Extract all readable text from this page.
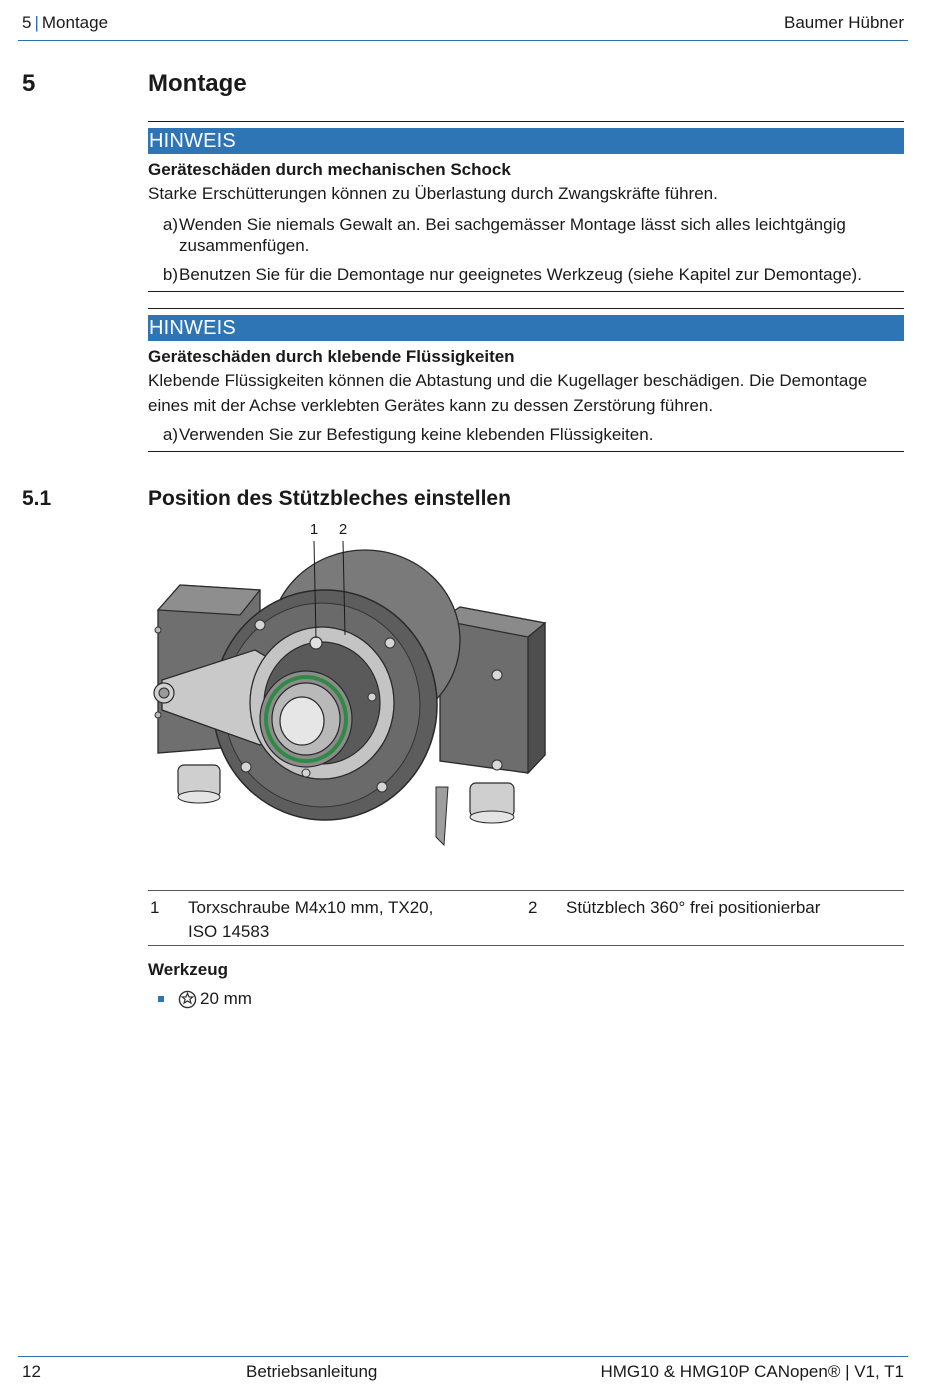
5 | Montage	Baumer Hübner
5	Montage
HINWEIS
Geräteschäden durch mechanischen Schock
Starke Erschütterungen können zu Überlastung durch Zwangskräfte führen.
a) Wenden Sie niemals Gewalt an. Bei sachgemässer Montage lässt sich alles leichtgängig
zusammenfügen.
b) Benutzen Sie für die Demontage nur geeignetes Werkzeug (siehe Kapitel zur Demontage).
HINWEIS
Geräteschäden durch klebende Flüssigkeiten
Klebende Flüssigkeiten können die Abtastung und die Kugellager beschädigen. Die Demontage
eines mit der Achse verklebten Gerätes kann zu dessen Zerstörung führen.
a) Verwenden Sie zur Befestigung keine klebenden Flüssigkeiten.
5.1	Position des Stützbleches einstellen
1 2
1 Torxschraube M4x10 mm, TX20,
ISO 14583
2 Stützblech 360° frei positionierbar
Werkzeug
20 mm
12	Betriebsanleitung	HMG10 & HMG10P CANopen® | V1, T1
